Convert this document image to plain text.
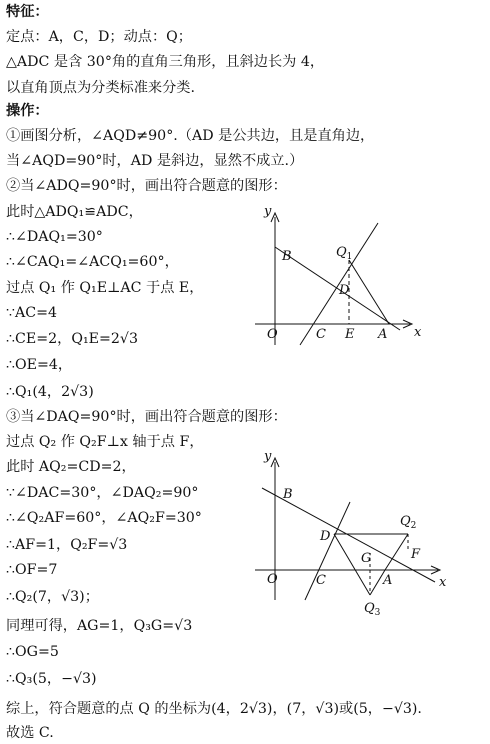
特征：
定点：A，C，D；动点：Q；
△ADC 是含 30°角的直角三角形，且斜边长为 4，
以直角顶点为分类标准来分类.
操作：
①画图分析，∠AQD≠90°.（AD 是公共边，且是直角边，
当∠AQD=90°时，AD 是斜边，显然不成立.）
②当∠ADQ=90°时，画出符合题意的图形：
此时△ADQ₁≌ADC，
∴∠DAQ₁=30°
∴∠CAQ₁=∠ACQ₁=60°，
过点 Q₁ 作 Q₁E⊥AC 于点 E，
∵AC=4
∴CE=2，Q₁E=2√3
∴OE=4，
∴Q₁(4，2√3)
③当∠DAQ=90°时，画出符合题意的图形：
过点 Q₂ 作 Q₂F⊥x 轴于点 F，
此时 AQ₂=CD=2，
∵∠DAC=30°，∠DAQ₂=90°
∴∠Q₂AF=60°，∠AQ₂F=30°
∴AF=1，Q₂F=√3
∴OF=7
∴Q₂(7，√3)；
同理可得，AG=1，Q₃G=√3
∴OG=5
∴Q₃(5，−√3)
综上，符合题意的点 Q 的坐标为(4，2√3)，(7，√3)或(5，−√3).
故选 C.
y
x
O
B	$Q_1$
D
C E A
y
x
O
B
$Q_2$
D
G	F
C	A
$Q_3$
